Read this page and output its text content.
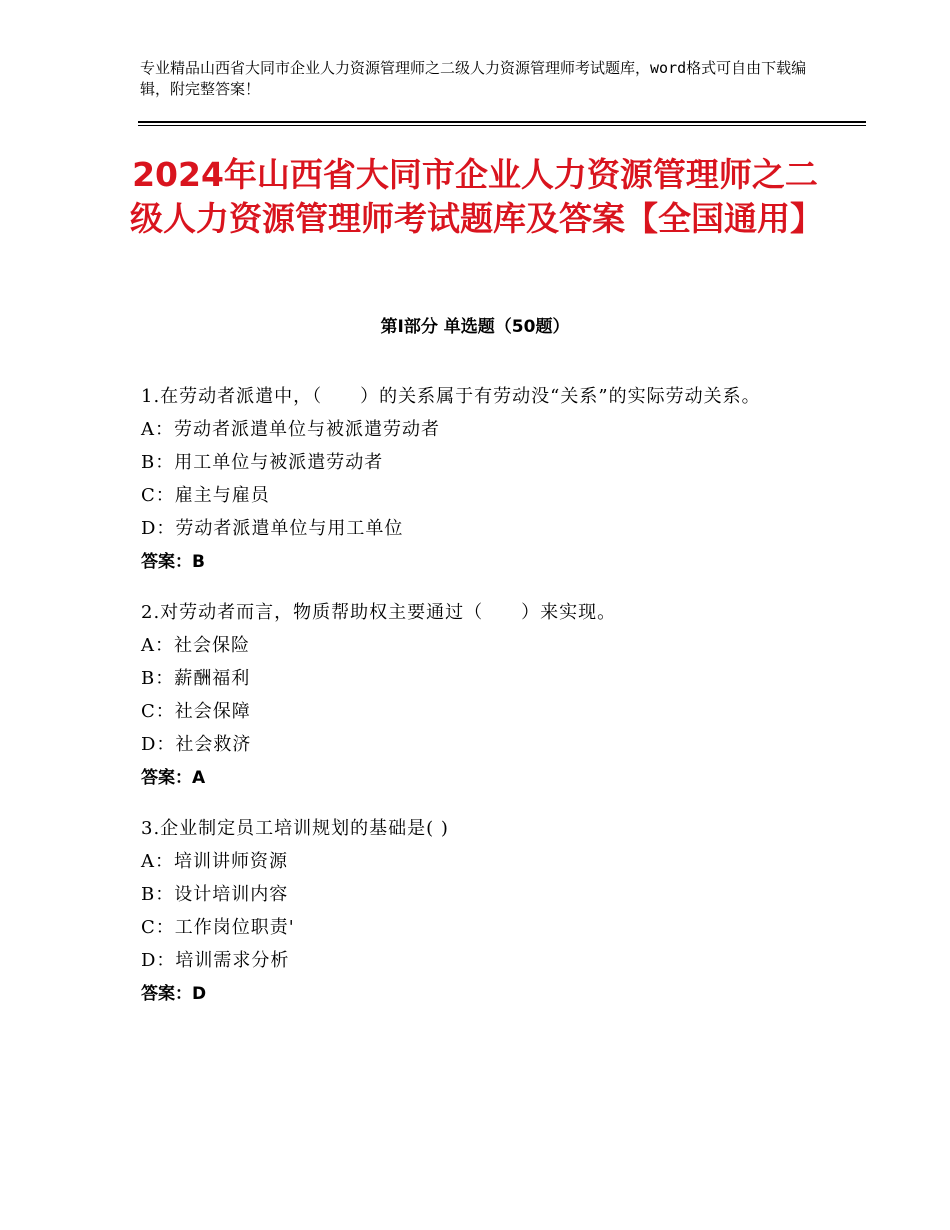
专业精品山西省大同市企业人力资源管理师之二级人力资源管理师考试题库，word格式可自由下载编辑，附完整答案！
2024年山西省大同市企业人力资源管理师之二级人力资源管理师考试题库及答案【全国通用】
第Ⅰ部分 单选题（50题）
1.在劳动者派遣中，（　　）的关系属于有劳动没“关系”的实际劳动关系。
A：劳动者派遣单位与被派遣劳动者
B：用工单位与被派遣劳动者
C：雇主与雇员
D：劳动者派遣单位与用工单位
答案：B
2.对劳动者而言，物质帮助权主要通过（　　）来实现。
A：社会保险
B：薪酬福利
C：社会保障
D：社会救济
答案：A
3.企业制定员工培训规划的基础是( )
A：培训讲师资源
B：设计培训内容
C：工作岗位职责'
D：培训需求分析
答案：D
